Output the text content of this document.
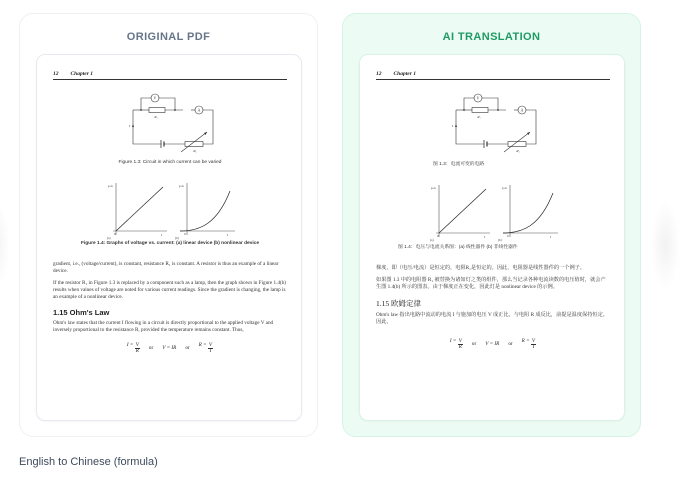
ORIGINAL PDF
12 Chapter 1
V
A
R₁
R₂
I
Figure 1.3: Circuit in which current can be varied
p.d.
0	I
(a)
p.d.
0	I
(b)
Figure 1.4: Graphs of voltage vs. current: (a) linear device (b) nonlinear device
gradient, i.e., (voltage/current), is constant, resistance R₁ is constant. A resistor is thus an example of a linear device.
If the resistor R₁ in Figure 1.3 is replaced by a component such as a lamp, then the graph shown in Figure 1.4(b) results when values of voltage are noted for various current readings. Since the gradient is changing, the lamp is an example of a nonlinear device.
1.15 Ohm's Law
Ohm's law states that the current I flowing in a circuit is directly proportional to the applied voltage V and inversely proportional to the resistance R, provided the temperature remains constant. Thus,
$I = \frac{V}{R}$ or V = IR or $R = \frac{V}{I}$
AI TRANSLATION
12 Chapter 1
V
A
R₁
R₂
I
图 1.3：电流可变的电路
p.d.
0	I
(a)
p.d.
0	I
(b)
图 1.4：电压与电流关系图：(a) 线性器件 (b) 非线性器件
梯度，即（电压/电流）是恒定的，电阻R₁是恒定的。因此，电阻器是线性器件的一个例子。
如果图 1.3 中的电阻器 R₁ 被替换为诸如灯之类的组件，那么当记录各种电流读数的电压值时，就会产生图 1.4(b) 所示的图表。由于梯度正在变化，因此灯是 nonlinear device 的示例。
1.15 欧姆定律
Ohm's law 指出电路中流动的电流 I 与施加的电压 V 成正比，与电阻 R 成反比，前提是温度保持恒定。因此，
$I = \frac{V}{R}$ or V = IR or $R = \frac{V}{I}$
English to Chinese (formula)
